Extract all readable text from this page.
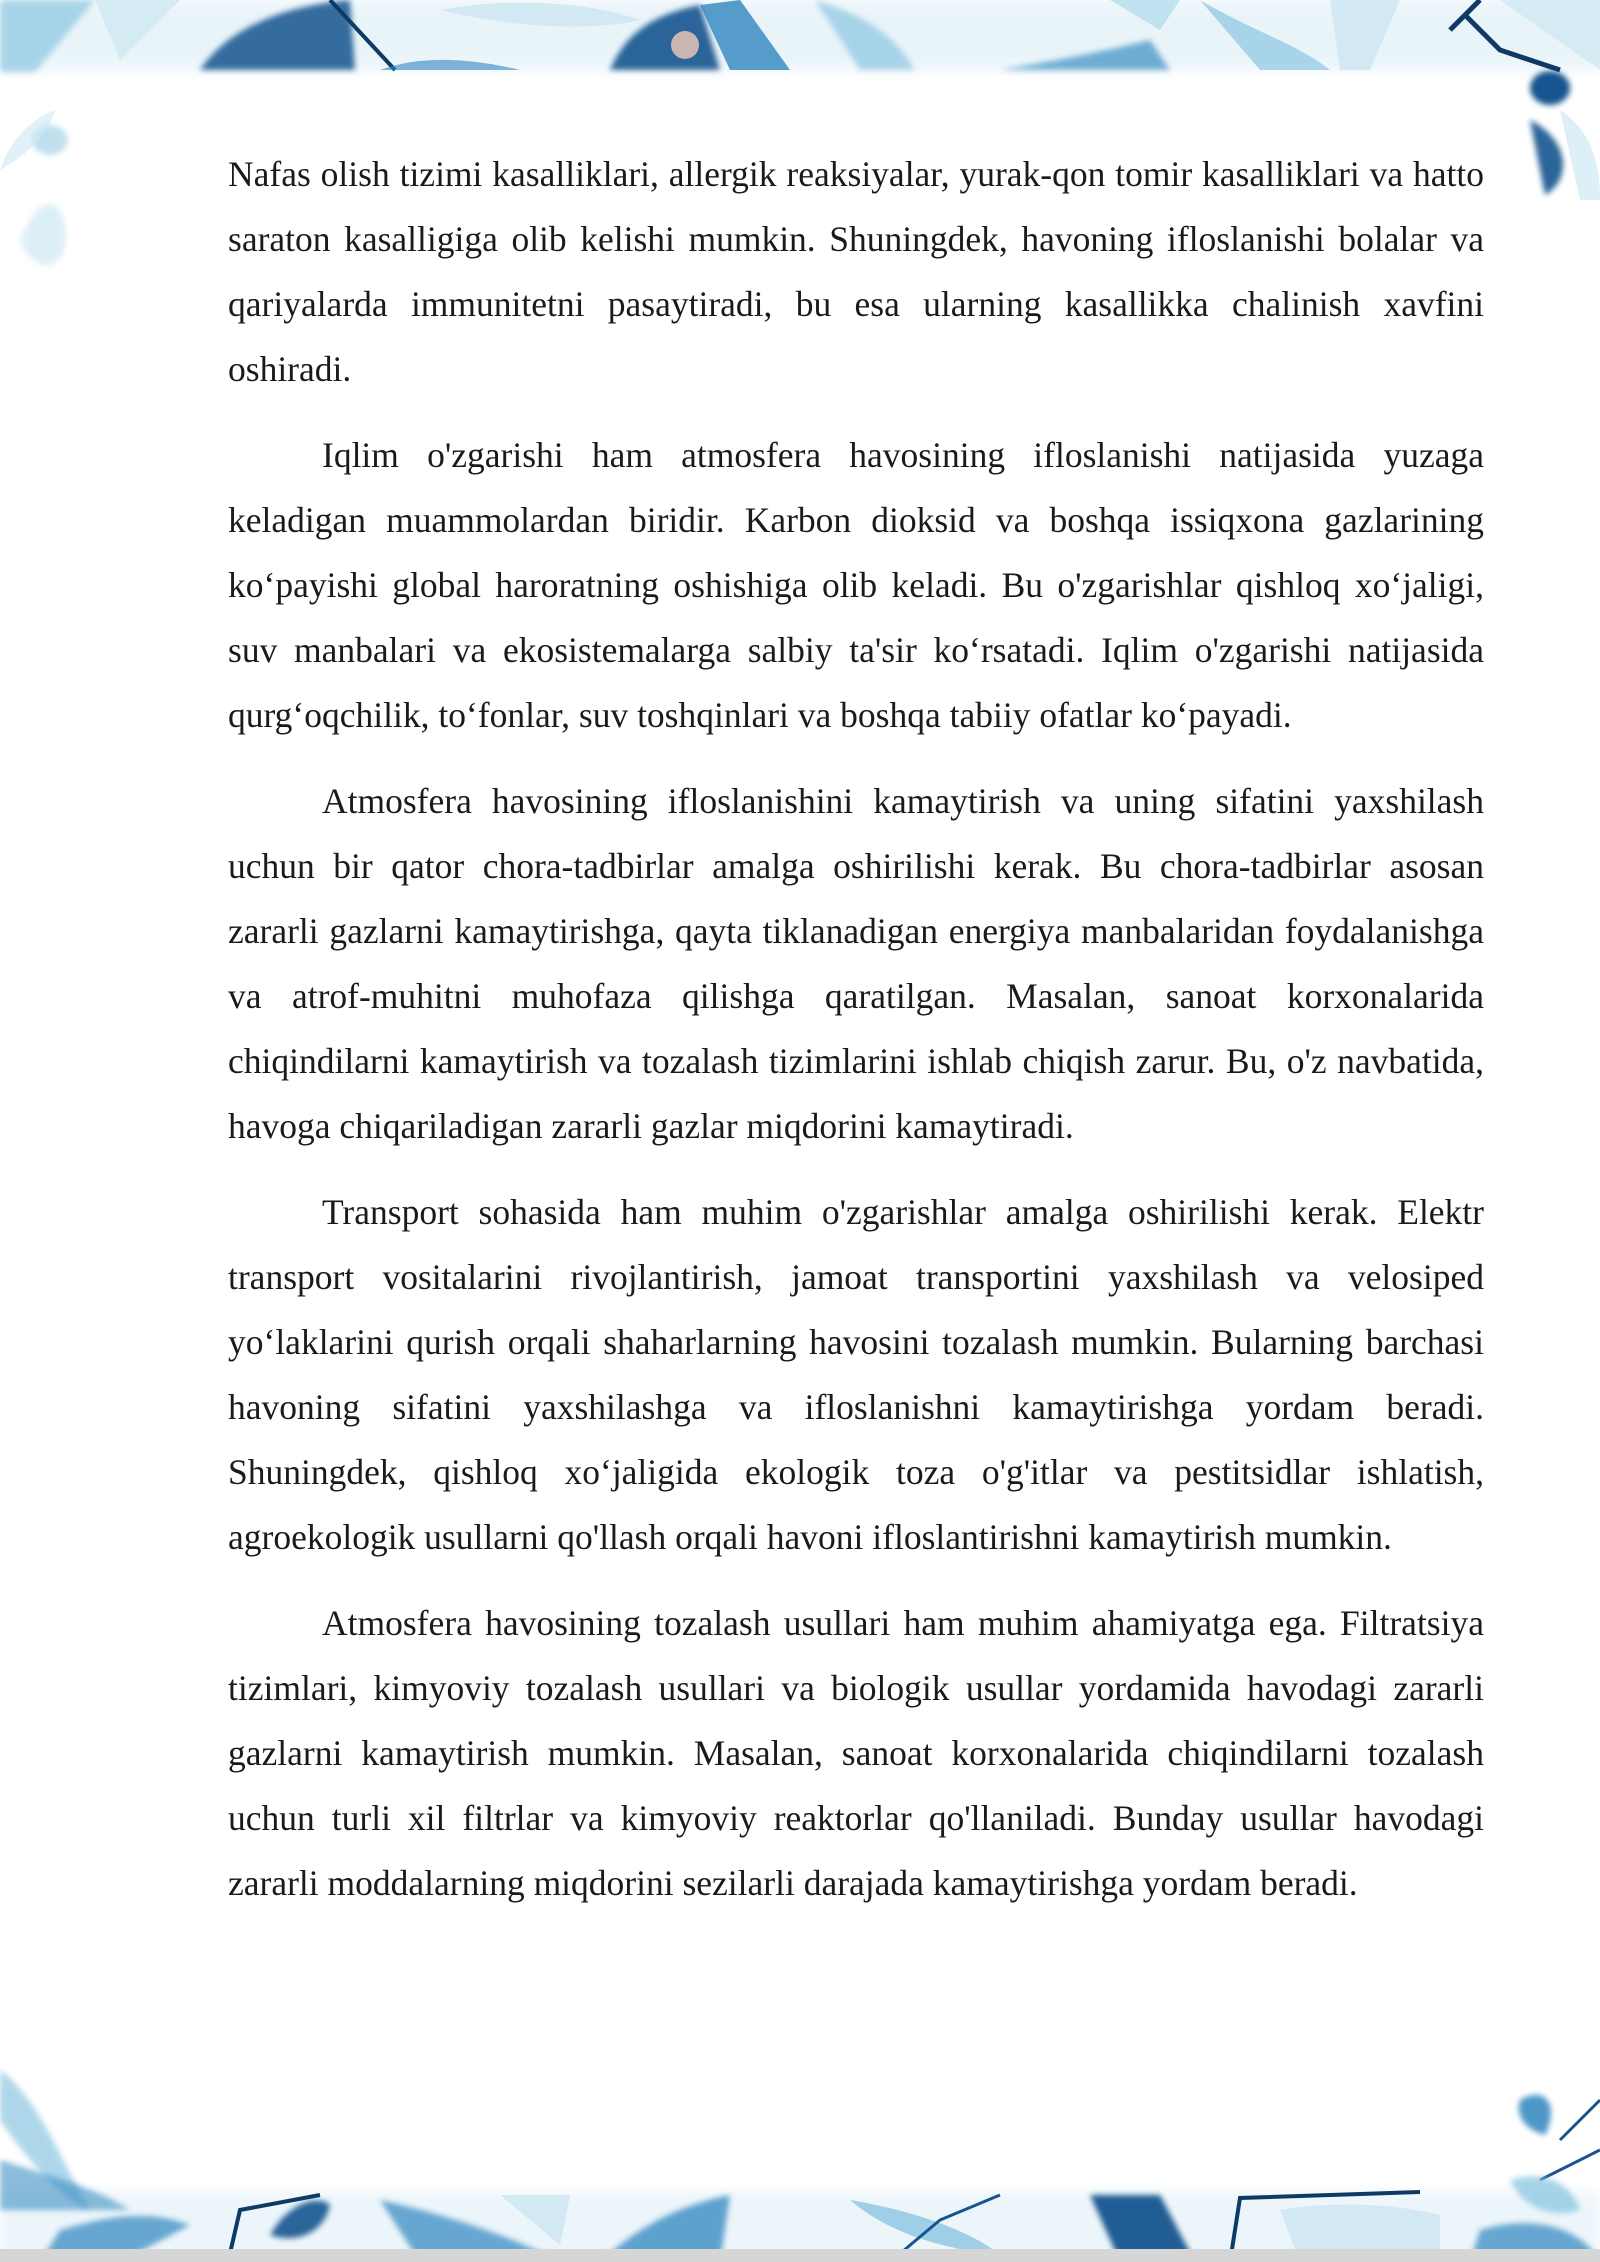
Nafas olish tizimi kasalliklari, allergik reaksiyalar, yurak-qon tomir kasalliklari va hatto saraton kasalligiga olib kelishi mumkin. Shuningdek, havoning ifloslanishi bolalar va qariyalarda immunitetni pasaytiradi, bu esa ularning kasallikka chalinish xavfini oshiradi.

Iqlim o'zgarishi ham atmosfera havosining ifloslanishi natijasida yuzaga keladigan muammolardan biridir. Karbon dioksid va boshqa issiqxona gazlarining ko‘payishi global haroratning oshishiga olib keladi. Bu o'zgarishlar qishloq xo‘jaligi, suv manbalari va ekosistemalarga salbiy ta'sir ko‘rsatadi. Iqlim o'zgarishi natijasida qurg‘oqchilik, to‘fonlar, suv toshqinlari va boshqa tabiiy ofatlar ko‘payadi.

Atmosfera havosining ifloslanishini kamaytirish va uning sifatini yaxshilash uchun bir qator chora-tadbirlar amalga oshirilishi kerak. Bu chora-tadbirlar asosan zararli gazlarni kamaytirishga, qayta tiklanadigan energiya manbalaridan foydalanishga va atrof-muhitni muhofaza qilishga qaratilgan. Masalan, sanoat korxonalarida chiqindilarni kamaytirish va tozalash tizimlarini ishlab chiqish zarur. Bu, o'z navbatida, havoga chiqariladigan zararli gazlar miqdorini kamaytiradi.

Transport sohasida ham muhim o'zgarishlar amalga oshirilishi kerak. Elektr transport vositalarini rivojlantirish, jamoat transportini yaxshilash va velosiped yo‘laklarini qurish orqali shaharlarning havosini tozalash mumkin. Bularning barchasi havoning sifatini yaxshilashga va ifloslanishni kamaytirishga yordam beradi. Shuningdek, qishloq xo‘jaligida ekologik toza o'g'itlar va pestitsidlar ishlatish, agroekologik usullarni qo'llash orqali havoni ifloslantirishni kamaytirish mumkin.

Atmosfera havosining tozalash usullari ham muhim ahamiyatga ega. Filtratsiya tizimlari, kimyoviy tozalash usullari va biologik usullar yordamida havodagi zararli gazlarni kamaytirish mumkin. Masalan, sanoat korxonalarida chiqindilarni tozalash uchun turli xil filtrlar va kimyoviy reaktorlar qo'llaniladi. Bunday usullar havodagi zararli moddalarning miqdorini sezilarli darajada kamaytirishga yordam beradi.
